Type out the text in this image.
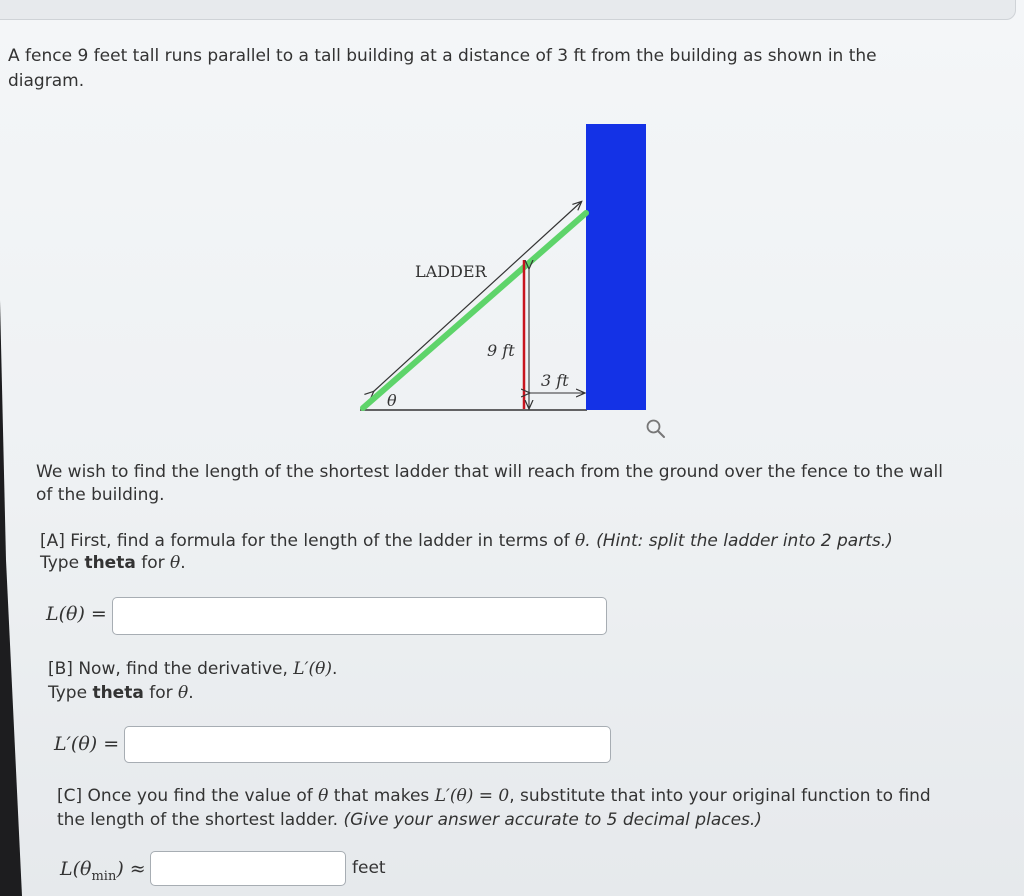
A fence 9 feet tall runs parallel to a tall building at a distance of 3 ft from the building as shown in the

diagram.

LADDER
9 ft
3 ft
θ

We wish to find the length of the shortest ladder that will reach from the ground over the fence to the wall

of the building.

[A] First, find a formula for the length of the ladder in terms of θ. (Hint: split the ladder into 2 parts.)

Type theta for θ.

L(θ) =

[B] Now, find the derivative, L′(θ).

Type theta for θ.

L′(θ) =

[C] Once you find the value of θ that makes L′(θ) = 0, substitute that into your original function to find

the length of the shortest ladder. (Give your answer accurate to 5 decimal places.)

$L(\theta_{min})$ ≈	feet
